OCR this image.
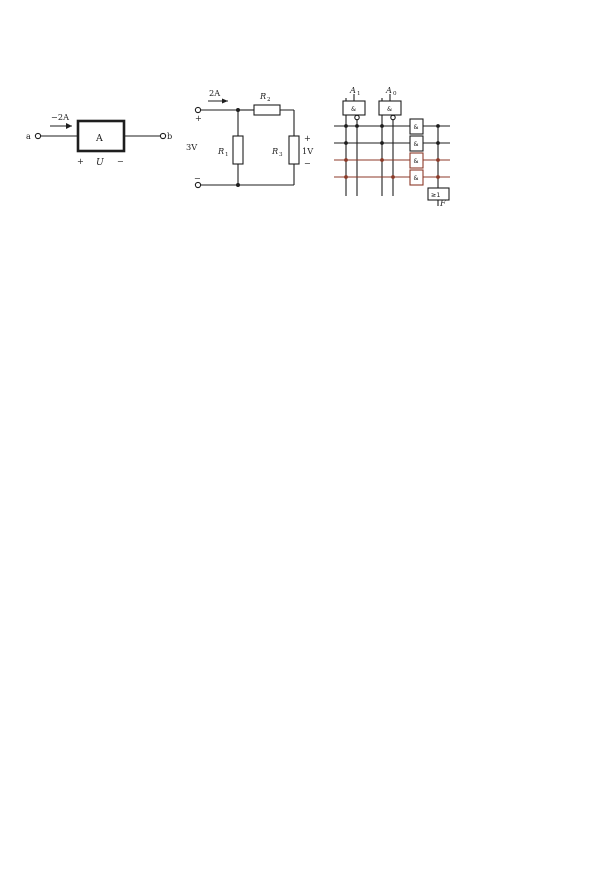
a
−2A
A	b
+ U −
+
2A	R 2
R 1	R 3
+
1V
−
−
3V
A 1	A 0
&	&
&
&
&
&
≥1
F
